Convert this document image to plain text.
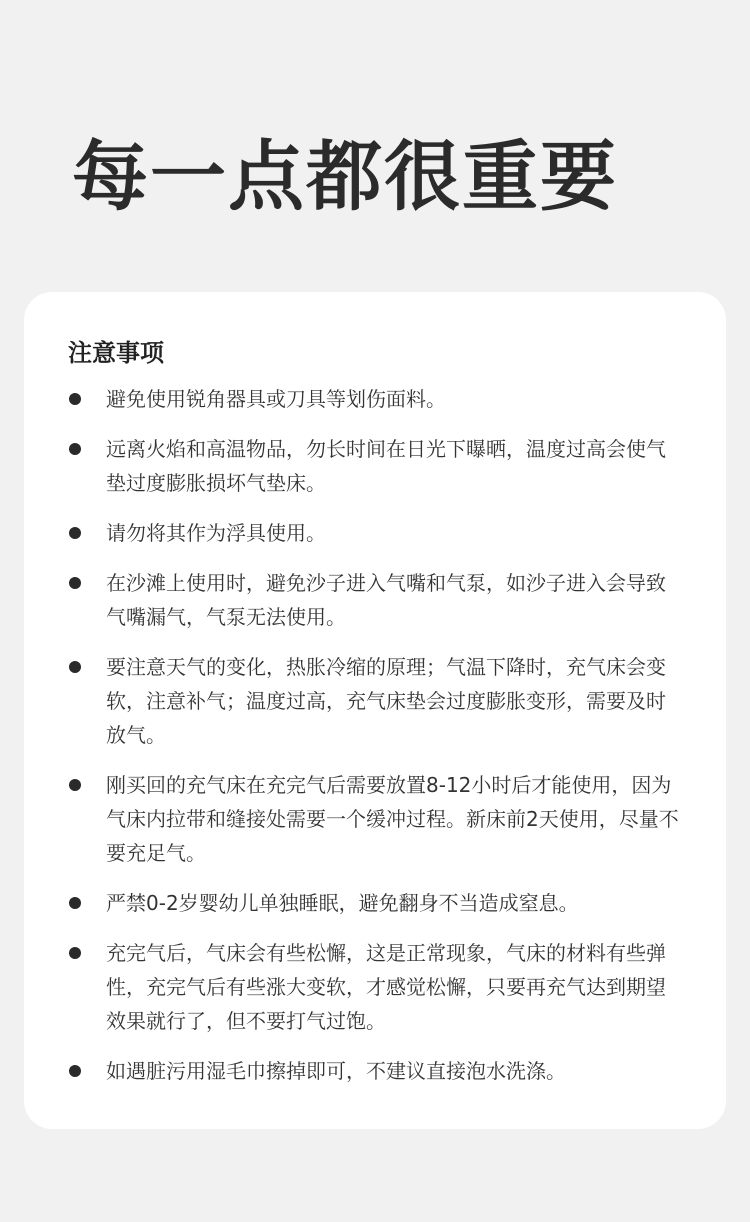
每一点都很重要
注意事项
避免使用锐角器具或刀具等划伤面料。
远离火焰和高温物品，勿长时间在日光下曝晒，温度过高会使气垫过度膨胀损坏气垫床。
请勿将其作为浮具使用。
在沙滩上使用时，避免沙子进入气嘴和气泵，如沙子进入会导致气嘴漏气，气泵无法使用。
要注意天气的变化，热胀冷缩的原理；气温下降时，充气床会变软，注意补气；温度过高，充气床垫会过度膨胀变形，需要及时放气。
刚买回的充气床在充完气后需要放置8-12小时后才能使用，因为气床内拉带和缝接处需要一个缓冲过程。新床前2天使用，尽量不要充足气。
严禁0-2岁婴幼儿单独睡眠，避免翻身不当造成窒息。
充完气后，气床会有些松懈，这是正常现象，气床的材料有些弹性，充完气后有些涨大变软，才感觉松懈，只要再充气达到期望效果就行了，但不要打气过饱。
如遇脏污用湿毛巾擦掉即可，不建议直接泡水洗涤。
